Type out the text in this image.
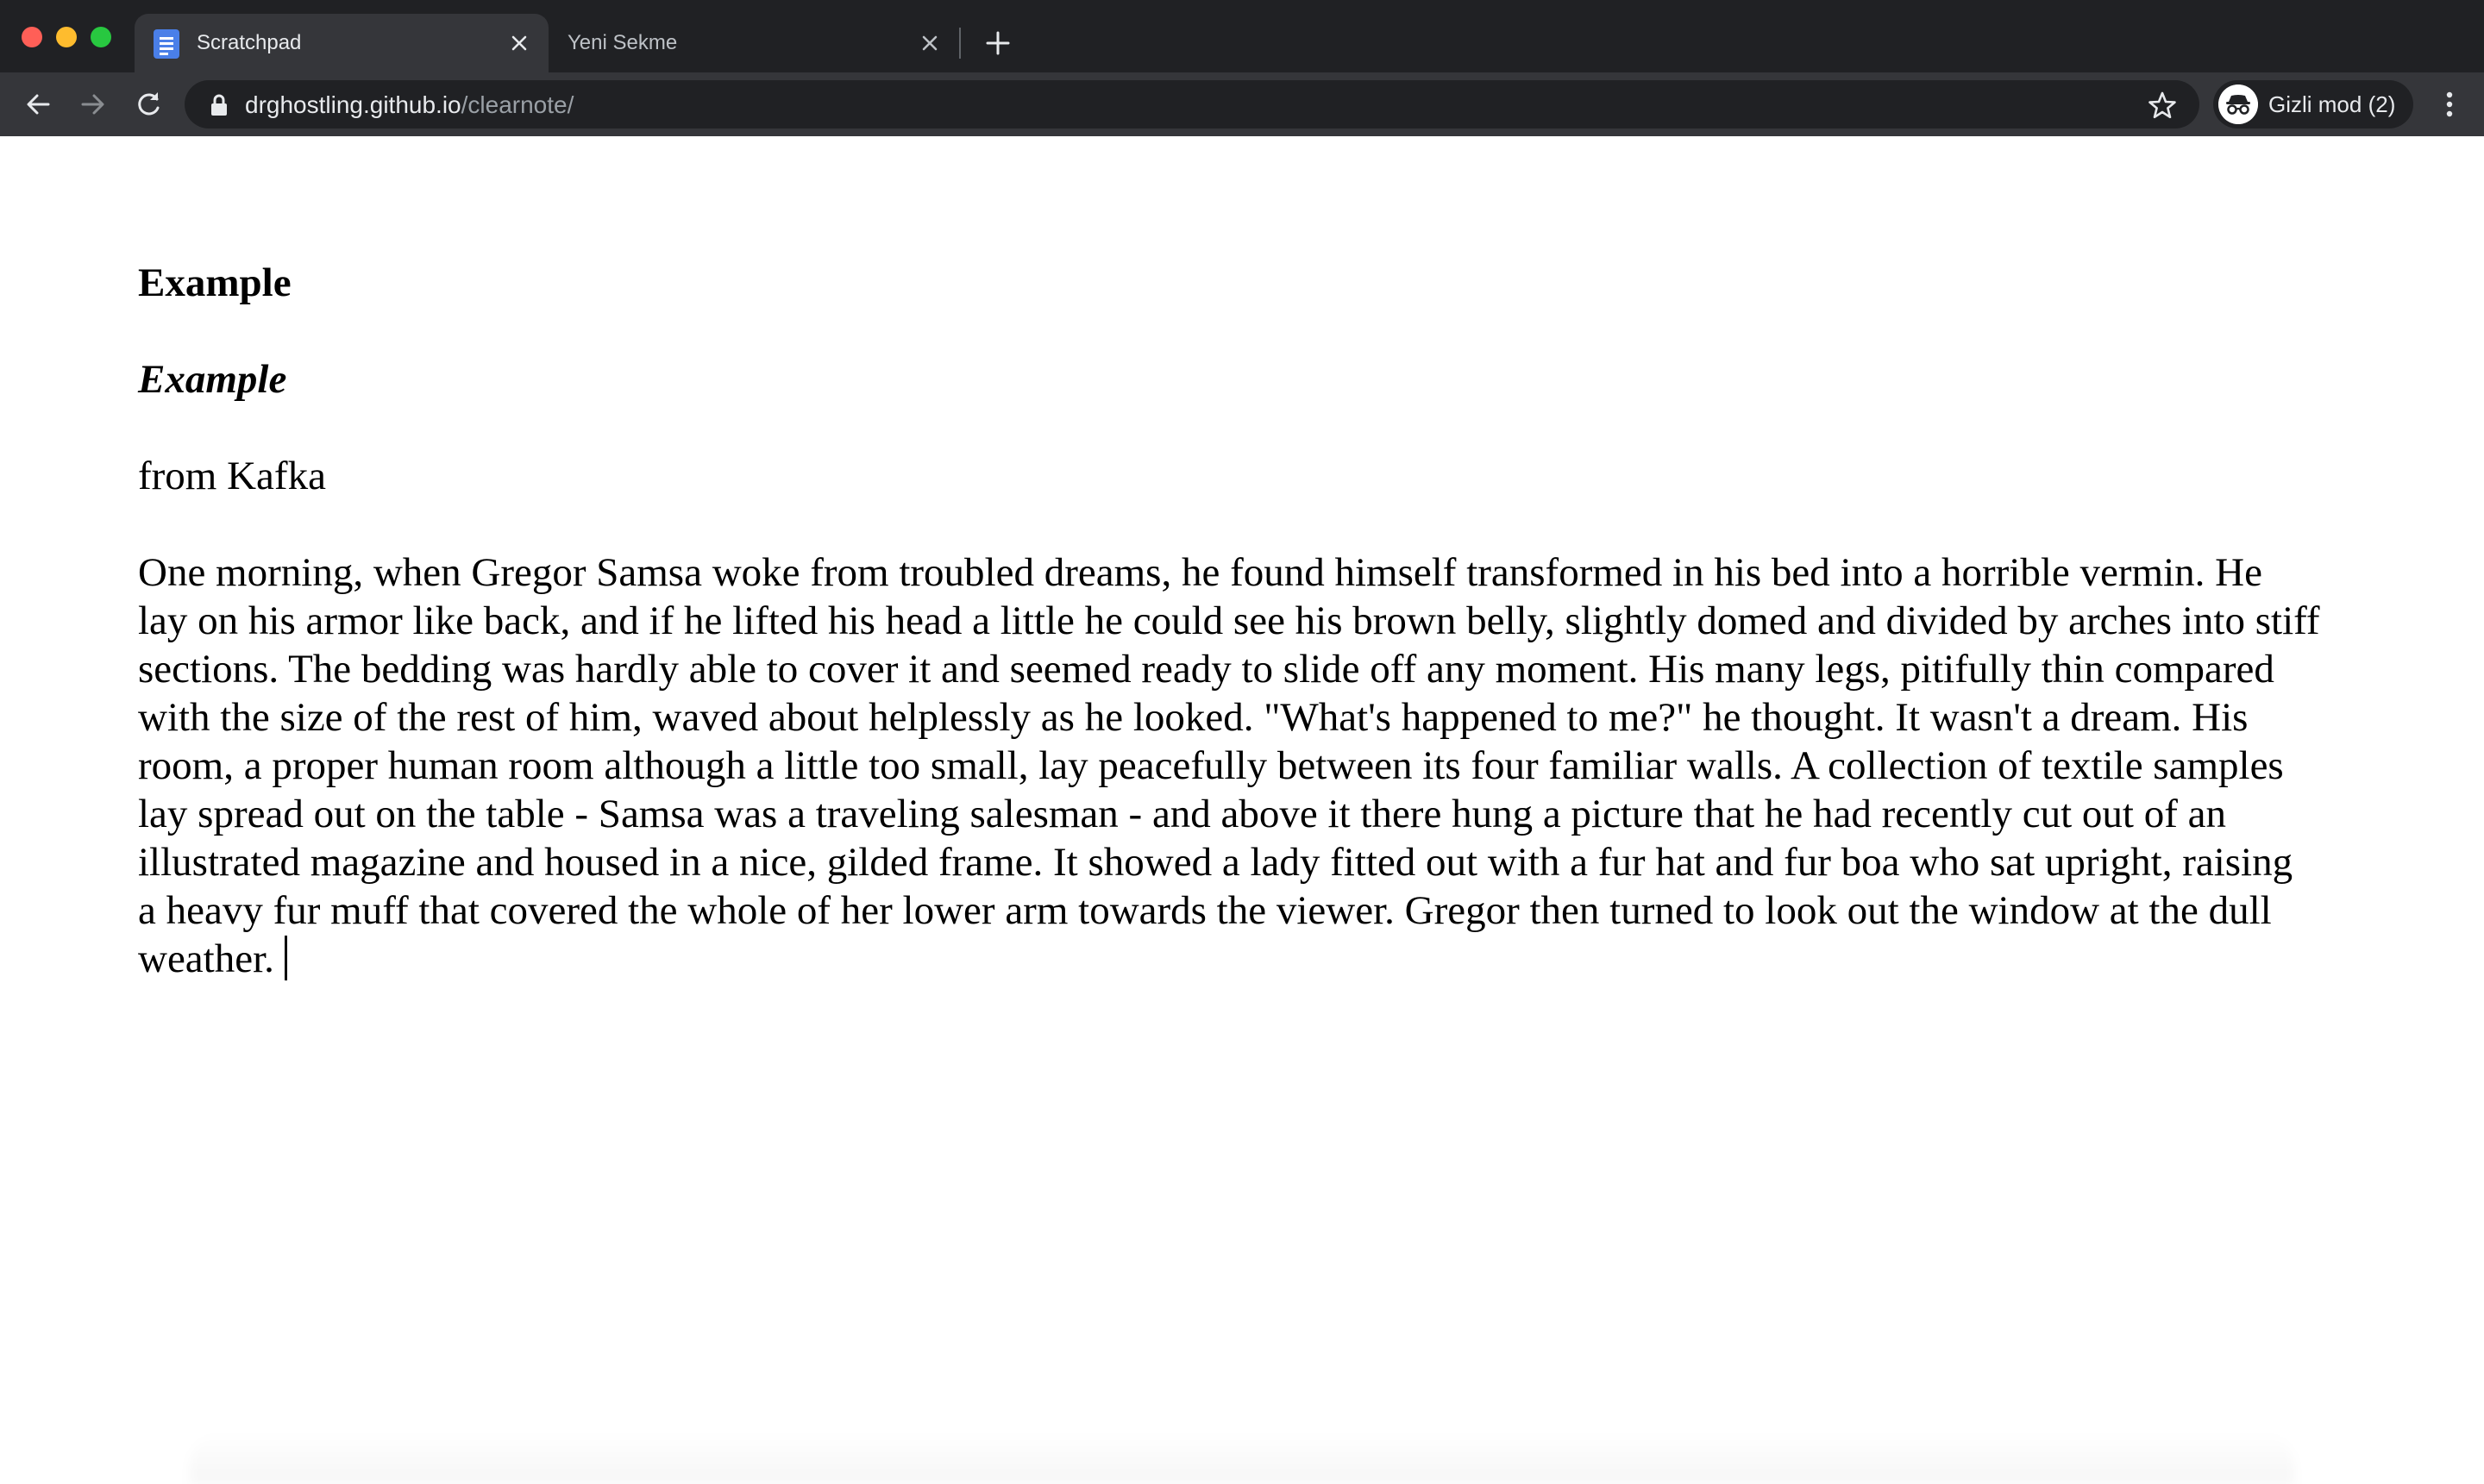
Scratchpad	Yeni Sekme
drghostling.github.io/clearnote/	Gizli mod (2)
Example
Example
from Kafka
One morning, when Gregor Samsa woke from troubled dreams, he found himself transformed in his bed into a horrible vermin. He lay on his armor like back, and if he lifted his head a little he could see his brown belly, slightly domed and divided by arches into stiff sections. The bedding was hardly able to cover it and seemed ready to slide off any moment. His many legs, pitifully thin compared with the size of the rest of him, waved about helplessly as he looked. "What's happened to me?" he thought. It wasn't a dream. His room, a proper human room although a little too small, lay peacefully between its four familiar walls. A collection of textile samples lay spread out on the table - Samsa was a traveling salesman - and above it there hung a picture that he had recently cut out of an illustrated magazine and housed in a nice, gilded frame. It showed a lady fitted out with a fur hat and fur boa who sat upright, raising a heavy fur muff that covered the whole of her lower arm towards the viewer. Gregor then turned to look out the window at the dull weather.
